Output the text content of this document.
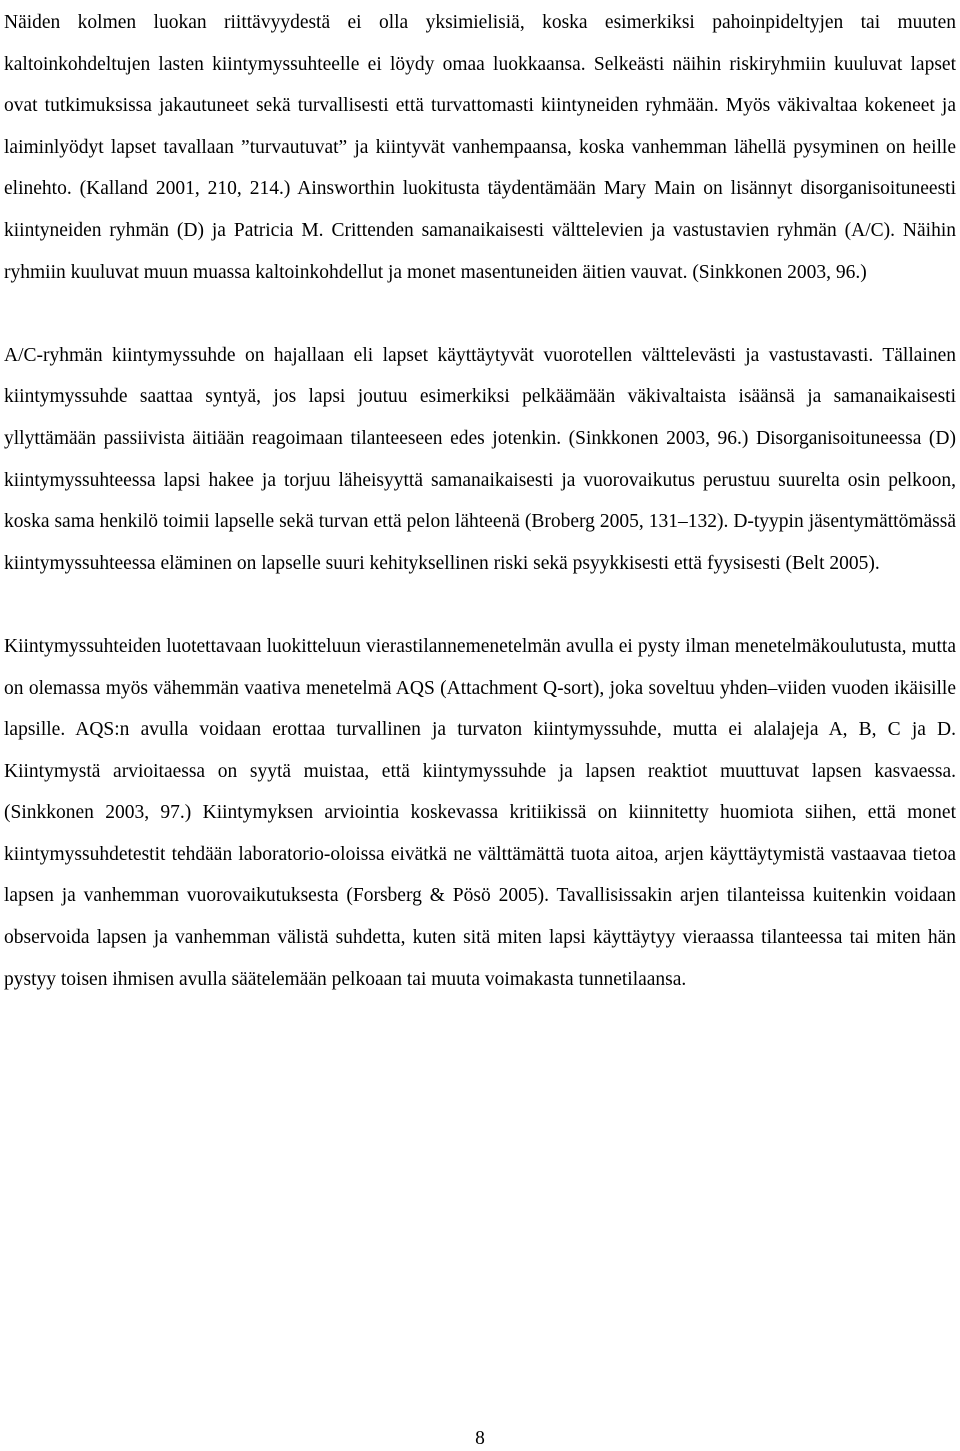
Näiden kolmen luokan riittävyydestä ei olla yksimielisiä, koska esimerkiksi pahoinpideltyjen tai muuten kaltoinkohdeltujen lasten kiintymyssuhteelle ei löydy omaa luokkaansa. Selkeästi näihin riskiryhmiin kuuluvat lapset ovat tutkimuksissa jakautuneet sekä turvallisesti että turvattomasti kiintyneiden ryhmään. Myös väkivaltaa kokeneet ja laiminlyödyt lapset tavallaan ”turvautuvat” ja kiintyvät vanhempaansa, koska vanhemman lähellä pysyminen on heille elinehto. (Kalland 2001, 210, 214.) Ainsworthin luokitusta täydentämään Mary Main on lisännyt disorganisoituneesti kiintyneiden ryhmän (D) ja Patricia M. Crittenden samanaikaisesti välttelevien ja vastustavien ryhmän (A/C). Näihin ryhmiin kuuluvat muun muassa kaltoinkohdellut ja monet masentuneiden äitien vauvat. (Sinkkonen 2003, 96.)

A/C-ryhmän kiintymyssuhde on hajallaan eli lapset käyttäytyvät vuorotellen välttelevästi ja vastustavasti. Tällainen kiintymyssuhde saattaa syntyä, jos lapsi joutuu esimerkiksi pelkäämään väkivaltaista isäänsä ja samanaikaisesti yllyttämään passiivista äitiään reagoimaan tilanteeseen edes jotenkin. (Sinkkonen 2003, 96.) Disorganisoituneessa (D) kiintymyssuhteessa lapsi hakee ja torjuu läheisyyttä samanaikaisesti ja vuorovaikutus perustuu suurelta osin pelkoon, koska sama henkilö toimii lapselle sekä turvan että pelon lähteenä (Broberg 2005, 131–132). D-tyypin jäsentymättömässä kiintymyssuhteessa eläminen on lapselle suuri kehityksellinen riski sekä psyykkisesti että fyysisesti (Belt 2005).

Kiintymyssuhteiden luotettavaan luokitteluun vierastilannemenetelmän avulla ei pysty ilman menetelmäkoulutusta, mutta on olemassa myös vähemmän vaativa menetelmä AQS (Attachment Q-sort), joka soveltuu yhden–viiden vuoden ikäisille lapsille. AQS:n avulla voidaan erottaa turvallinen ja turvaton kiintymyssuhde, mutta ei alalajeja A, B, C ja D. Kiintymystä arvioitaessa on syytä muistaa, että kiintymyssuhde ja lapsen reaktiot muuttuvat lapsen kasvaessa. (Sinkkonen 2003, 97.) Kiintymyksen arviointia koskevassa kritiikissä on kiinnitetty huomiota siihen, että monet kiintymyssuhdetestit tehdään laboratorio-oloissa eivätkä ne välttämättä tuota aitoa, arjen käyttäytymistä vastaavaa tietoa lapsen ja vanhemman vuorovaikutuksesta (Forsberg & Pösö 2005). Tavallisissakin arjen tilanteissa kuitenkin voidaan observoida lapsen ja vanhemman välistä suhdetta, kuten sitä miten lapsi käyttäytyy vieraassa tilanteessa tai miten hän pystyy toisen ihmisen avulla säätelemään pelkoaan tai muuta voimakasta tunnetilaansa.

8
